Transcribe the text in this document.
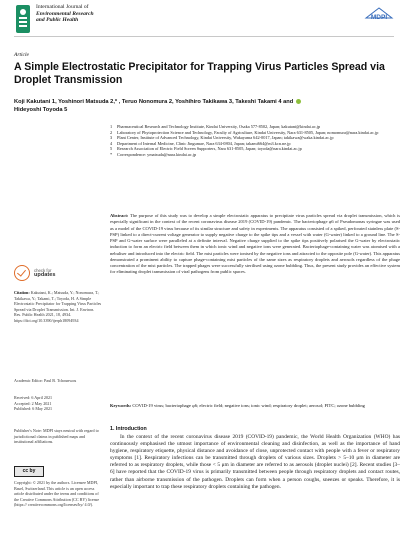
International Journal of
Environmental Research
and Public Health	MDPI
Article
A Simple Electrostatic Precipitator for Trapping Virus Particles Spread via Droplet Transmission
Koji Kakutani 1, Yoshinori Matsuda 2,* , Teruo Nonomura 2, Yoshihiro Takikawa 3, Takeshi Takami 4 and
Hideyoshi Toyoda 5
1	Pharmaceutical Research and Technology Institute, Kindai University, Osaka 577-8502, Japan; kakutani@kindai.ac.jp
2	Laboratory of Phytoprotection Science and Technology, Faculty of Agriculture, Kindai University, Nara 631-8505, Japan; nomomura@nara.kindai.ac.jp
3	Plant Center, Institute of Advanced Technology, Kindai University, Wakayama 642-0017, Japan; takikawa@waka.kindai.ac.jp
4	Department of Internal Medicine, Clinic Jingumae, Nara 634-0804, Japan; takami664@m3.kcn.ne.jp
5	Research Association of Electric Field Screen Supporters, Nara 631-8505, Japan; toyoda@nara.kindai.ac.jp
*	Correspondence: ymatsuda@nara.kindai.ac.jp
Abstract: The purpose of this study was to develop a simple electrostatic apparatus to precipitate virus particles spread via droplet transmission, which is especially significant in the context of the recent coronavirus disease 2019 (COVID-19) pandemic. The bacteriophage φ6 of Pseudomonas syringae was used as a model of the COVID-19 virus because of its similar structure and safety in experiments. The apparatus consisted of a spiked, perforated stainless plate (S-PSP) linked to a direct-current voltage generator to supply negative charge to the spike tips and a vessel with water (G-water) linked to a ground line. The S-PSP and G-water surface were paralleled at a definite interval. Negative charge supplied to the spike tips positively polarised the G-water by electrostatic induction to form an electric field between them in which ionic wind and negative ions were generated. Bacteriophage-containing water was atomised with a nebuliser and introduced into the electric field. The mist particles were ionised by the negative ions and attracted to the opposite pole (G-water). This apparatus demonstrated a prominent ability to capture phage-containing mist particles of the same sizes as respiratory droplets and aerosols regardless of the phage concentration of the mist particles. The trapped phages were successfully sterilised using ozone bubbling. Thus, the present study provides an effective system for eliminating droplet transmission of viral pathogens from public spaces.
Keywords: COVID-19 virus; bacteriophage φ6; electric field; negative ions; ionic wind; respiratory droplet; aerosol; FITC; ozone bubbling
check for
updates
Citation: Kakutani, K.; Matsuda, Y.; Nonomura, T.; Takikawa, Y.; Takami, T.; Toyoda, H. A Simple Electrostatic Precipitator for Trapping Virus Particles Spread via Droplet Transmission. Int. J. Environ. Res. Public Health 2021, 18, 4934. https://doi.org/10.3390/ijerph18094934
Academic Editor: Paul B. Tchounwou
Received: 6 April 2021
Accepted: 2 May 2021
Published: 6 May 2021
Publisher's Note: MDPI stays neutral with regard to jurisdictional claims in published maps and institutional affiliations.
cc by
Copyright: © 2021 by the authors. Licensee MDPI, Basel, Switzerland. This article is an open access article distributed under the terms and conditions of the Creative Commons Attribution (CC BY) license (https:// creativecommons.org/licenses/by/ 4.0/).
1. Introduction

In the context of the recent coronavirus disease 2019 (COVID-19) pandemic, the World Health Organization (WHO) has continuously emphasised the utmost importance of environmental cleaning and disinfection, as well as the importance of hand hygiene, respiratory etiquette, physical distance and avoidance of close, unprotected contact with people with a fever or respiratory symptoms [1]. Respiratory infections can be transmitted through droplets of various sizes. Droplets > 5–10 μm in diameter are referred to as respiratory droplets, while those < 5 μm in diameter are referred to as aerosols (droplet nuclei) [2]. Recent studies [3–6] have reported that the COVID-19 virus is primarily transmitted between people through respiratory droplets and contact routes, rather than airborne transmission of the pathogen. Droplets can form when a person coughs, sneezes or speaks. Therefore, it is especially important to trap these respiratory droplets containing the pathogen.
